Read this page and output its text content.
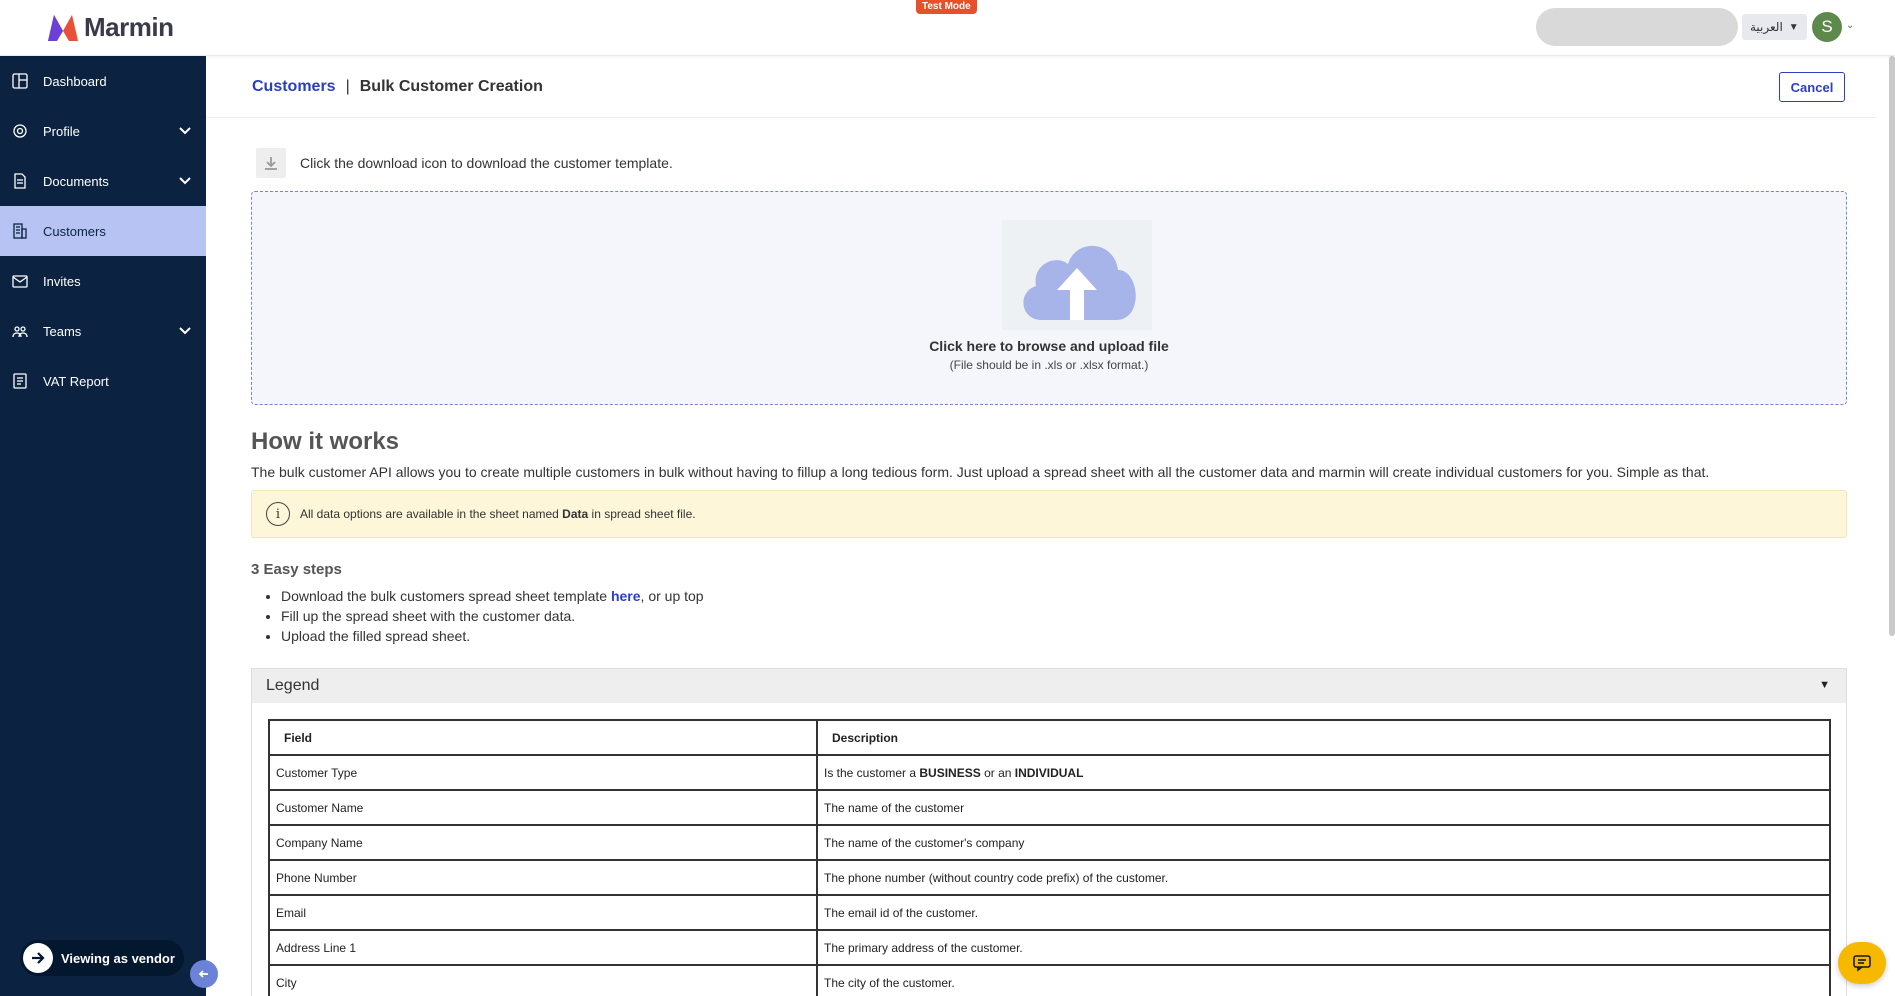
Marmin
Test Mode
العربية ▼	S	⌄
Dashboard
Profile
Documents
Customers
Invites
Teams
VAT Report
Viewing as vendor
Customers | Bulk Customer Creation	Cancel
Click the download icon to download the customer template.
Click here to browse and upload file
(File should be in .xls or .xlsx format.)
How it works
The bulk customer API allows you to create multiple customers in bulk without having to fillup a long tedious form. Just upload a spread sheet with all the customer data and marmin will create individual customers for you. Simple as that.
i	All data options are available in the sheet named Data in spread sheet file.
3 Easy steps
• Download the bulk customers spread sheet template here, or up top
• Fill up the spread sheet with the customer data.
• Upload the filled spread sheet.
Legend	▼
Field	Description
Customer Type	Is the customer a BUSINESS or an INDIVIDUAL
Customer Name	The name of the customer
Company Name	The name of the customer's company
Phone Number	The phone number (without country code prefix) of the customer.
Email	The email id of the customer.
Address Line 1	The primary address of the customer.
City	The city of the customer.
